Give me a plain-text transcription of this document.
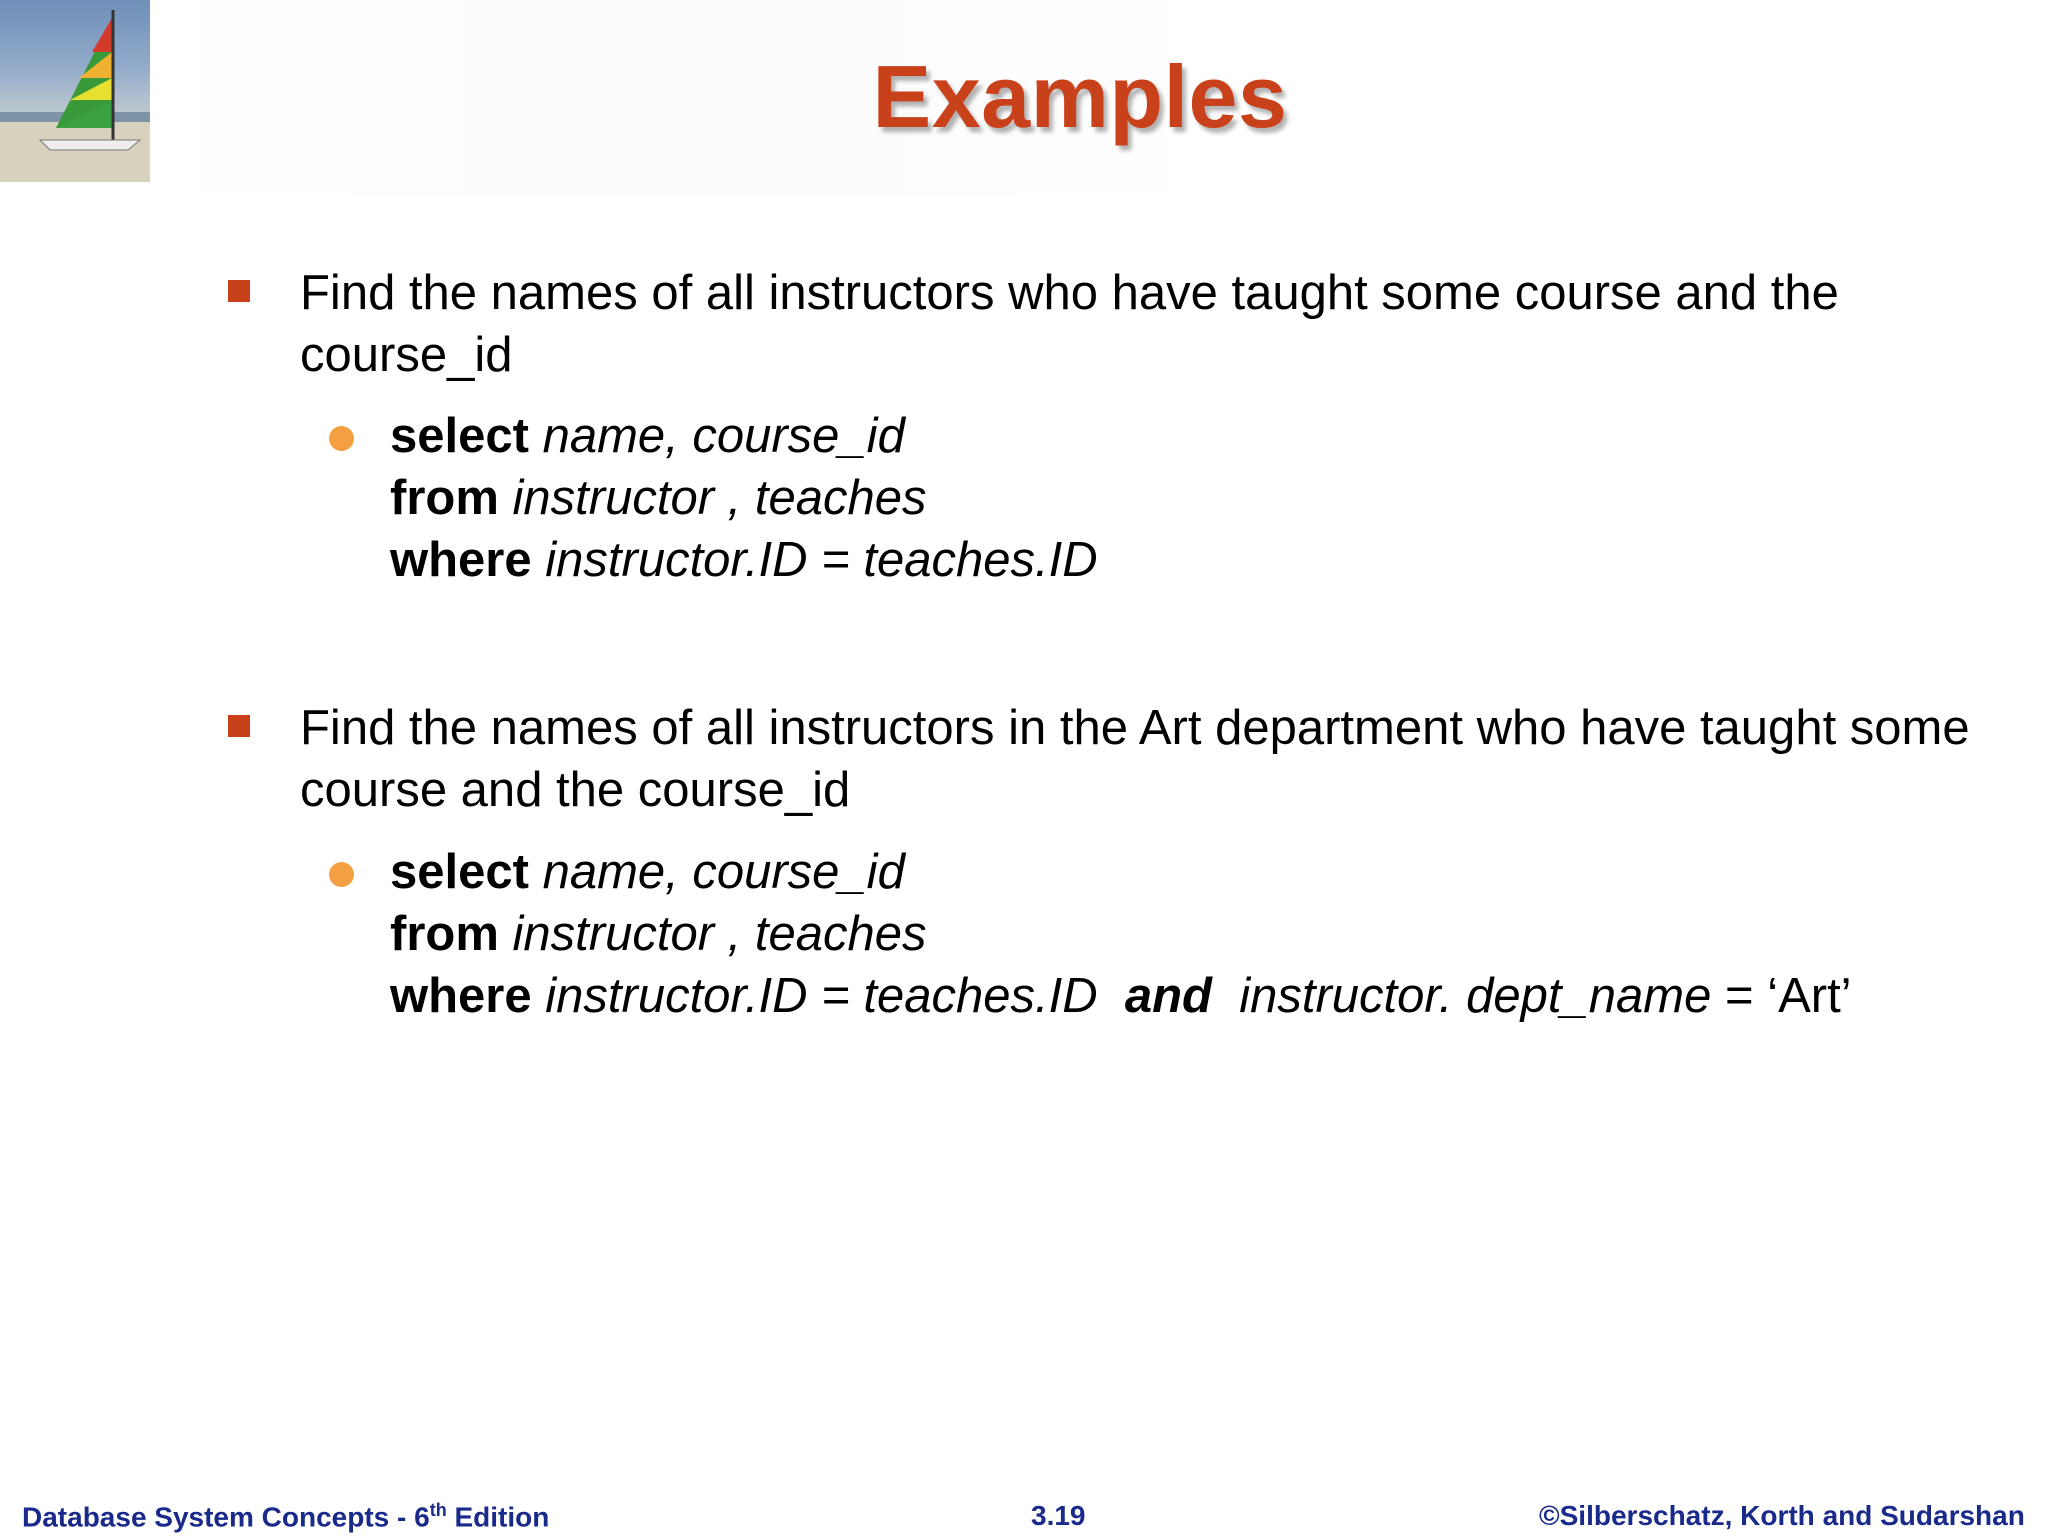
Examples
Find the names of all instructors who have taught some course and the course_id
select name, course_id
from instructor , teaches
where instructor.ID = teaches.ID
Find the names of all instructors in the Art department who have taught some course and the course_id
select name, course_id
from instructor , teaches
where instructor.ID = teaches.ID and instructor. dept_name = ‘Art’
Database System Concepts - 6th Edition	3.19	©Silberschatz, Korth and Sudarshan
